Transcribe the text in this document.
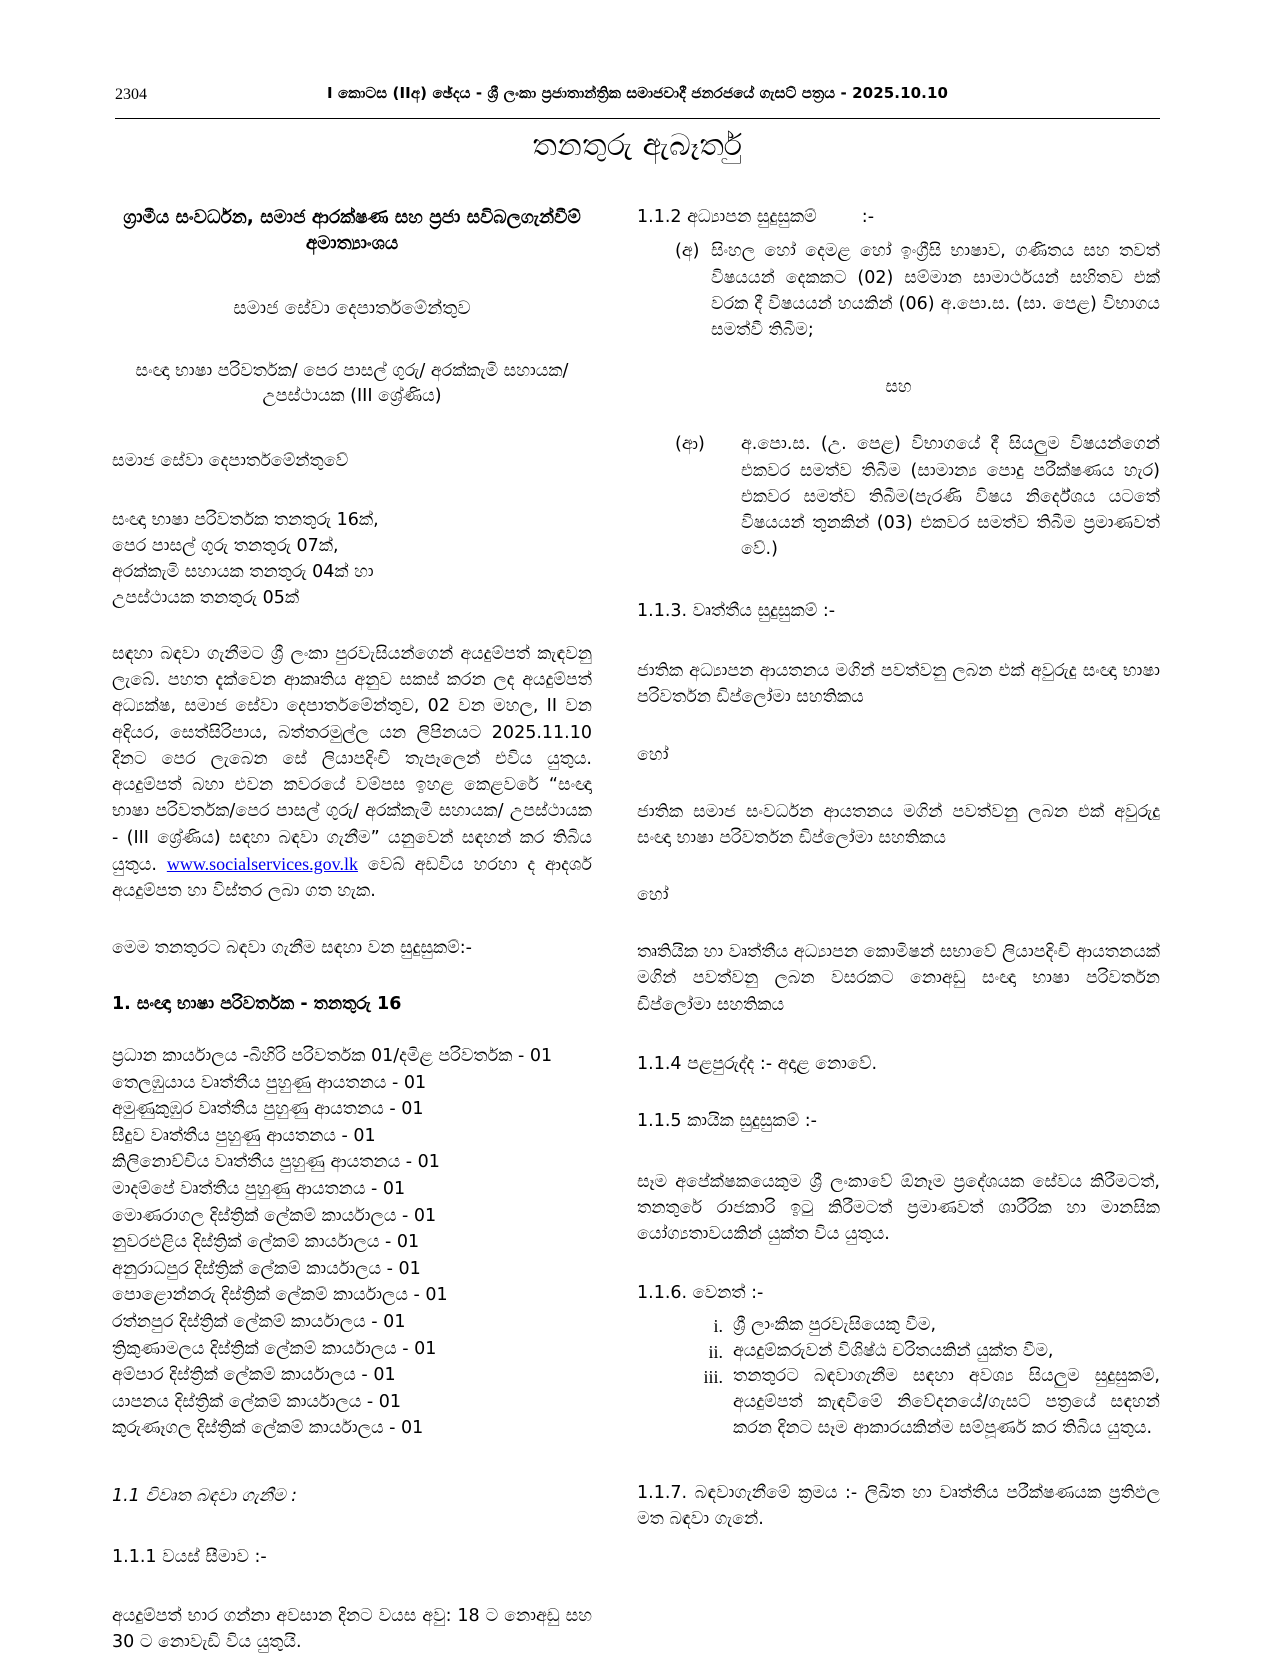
2304	I කොටස (IIඅ) ඡේදය - ශ්‍රී ලංකා ප්‍රජාතාන්ත්‍රික සමාජවාදී ජනරජයේ ගැසට් පත්‍රය - 2025.10.10
තනතුරු ඇබෑර්තු
ග්‍රාමීය සංවර්ධන, සමාජ ආරක්ෂණ සහ ප්‍රජා සවිබලගැන්වීම් අමාත්‍යාංශය
සමාජ සේවා දෙපාර්තමේන්තුව
සංඥා භාෂා පරිවර්තක/ පෙර පාසල් ගුරු/ අරක්කැමි සහායක/ උපස්ථායක (III ශ්‍රේණිය)
සමාජ සේවා දෙපාර්තමේන්තුවේ
සංඥා භාෂා පරිවර්තක තනතුරු 16ක්,
පෙර පාසල් ගුරු තනතුරු 07ක්,
අරක්කැමි සහායක තනතුරු 04ක් හා
උපස්ථායක තනතුරු 05ක්

සඳහා බඳවා ගැනීමට ශ්‍රී ලංකා පුරවැසියන්ගෙන් අයදුම්පත් කැඳවනු ලැබේ. පහත දැක්වෙන ආකෘතිය අනුව සකස් කරන ලද අයදුම්පත් අධ්‍යක්ෂ, සමාජ සේවා දෙපාර්තමේන්තුව, 02 වන මහල, II වන අදියර, සෙත්සිරිපාය, බත්තරමුල්ල යන ලිපිනයට 2025.11.10 දිනට පෙර ලැබෙන සේ ලියාපදිංචි තැපෑලෙන් එවිය යුතුය. අයදුම්පත් බහා එවන කවරයේ වම්පස ඉහළ කෙළවරේ “සංඥා භාෂා පරිවර්තක/පෙර පාසල් ගුරු/ අරක්කැමි සහායක/ උපස්ථායක - (III ශ්‍රේණිය) සඳහා බඳවා ගැනීම” යනුවෙන් සඳහන් කර තිබිය යුතුය. www.socialservices.gov.lk වෙබ් අඩවිය හරහා ද ආදර්ශ අයදුම්පත හා විස්තර ලබා ගත හැක.

මෙම තනතුරට බඳවා ගැනීම සඳහා වන සුදුසුකම්:-
1. සංඥා භාෂා පරිවර්තක - තනතුරු 16
ප්‍රධාන කාර්යාලය -බිහිරි පරිවර්තක 01/දමිළ පරිවර්තක - 01
තෙලඹුයාය වෘත්තීය පුහුණු ආයතනය - 01
අමුණුකුඹුර වෘත්තීය පුහුණු ආයතනය - 01
සීදුව වෘත්තීය පුහුණු ආයතනය - 01
කිලිනොච්චිය වෘත්තීය පුහුණු ආයතනය - 01
මාදම්පේ වෘත්තීය පුහුණු ආයතනය - 01
මොණරාගල දිස්ත්‍රික් ලේකම් කාර්යාලය - 01
නුවරඑළිය දිස්ත්‍රික් ලේකම් කාර්යාලය - 01
අනුරාධපුර දිස්ත්‍රික් ලේකම් කාර්යාලය - 01
පොළොන්නරු දිස්ත්‍රික් ලේකම් කාර්යාලය - 01
රත්නපුර දිස්ත්‍රික් ලේකම් කාර්යාලය - 01
ත්‍රිකුණාමලය දිස්ත්‍රික් ලේකම් කාර්යාලය - 01
අම්පාර දිස්ත්‍රික් ලේකම් කාර්යාලය - 01
යාපනය දිස්ත්‍රික් ලේකම් කාර්යාලය - 01
කුරුණෑගල දිස්ත්‍රික් ලේකම් කාර්යාලය - 01
1.1 විවෘත බඳවා ගැනීම :
1.1.1 වයස් සීමාව :-

අයදුම්පත් භාර ගන්නා අවසාන දිනට වයස අවු: 18 ට නොඅඩු සහ 30 ට නොවැඩි විය යුතුයි.

1.1.2 අධ්‍යාපන සුදුසුකම්	:-
(අ) සිංහල හෝ දෙමළ හෝ ඉංග්‍රීසි භාෂාව, ගණිතය සහ තවත් විෂයයන් දෙකකට (02) සම්මාන සාමාර්ථයන් සහිතව එක් වරක දී විෂයයන් හයකින් (06) අ.පො.ස. (සා. පෙළ) විභාගය සමත්වී තිබීම;
සහ
(ආ)	අ.පො.ස. (උ. පෙළ) විභාගයේ දී සියලුම විෂයන්ගෙන් එකවර සමත්ව තිබීම (සාමාන්‍ය පොදු පරීක්ෂණය හැර) එකවර සමත්ව තිබීම(පැරණි විෂය නිර්දේශය යටතේ විෂයයන් තුනකින් (03) එකවර සමත්ව තිබීම ප්‍රමාණවත් වේ.)
1.1.3. වෘත්තීය සුදුසුකම් :-

ජාතික අධ්‍යාපන ආයතනය මගින් පවත්වනු ලබන එක් අවුරුදු සංඥා භාෂා පරිවර්තන ඩිප්ලෝමා සහතිකය

හෝ

ජාතික සමාජ සංවර්ධන ආයතනය මගින් පවත්වනු ලබන එක් අවුරුදු සංඥා භාෂා පරිවර්තන ඩිප්ලෝමා සහතිකය

හෝ

තෘතියික හා වෘත්තීය අධ්‍යාපන කොමිෂන් සභාවේ ලියාපදිංචි ආයතනයක් මගින් පවත්වනු ලබන වසරකට නොඅඩු සංඥා භාෂා පරිවර්තන ඩිප්ලෝමා සහතිකය

1.1.4 පළපුරුද්ද :- අදාළ නොවේ.
1.1.5 කායික සුදුසුකම් :-

සෑම අපේක්ෂකයෙකුම ශ්‍රී ලංකාවේ ඕනෑම ප්‍රදේශයක සේවය කිරීමටත්, තනතුරේ රාජකාරි ඉටු කිරීමටත් ප්‍රමාණවත් ශාරීරික හා මානසික යෝග්‍යතාවයකින් යුක්ත විය යුතුය.

1.1.6. වෙනත් :-
i. ශ්‍රී ලාංකික පුරවැසියෙකු වීම,
ii. අයදුම්කරුවන් විශිෂ්ඨ චරිතයකින් යුක්ත වීම,
iii. තනතුරට බඳවාගැනීම සඳහා අවශ්‍ය සියලුම සුදුසුකම්, අයදුම්පත් කැඳවීමේ නිවේදනයේ/ගැසට් පත්‍රයේ සඳහන් කරන දිනට සෑම ආකාරයකින්ම සම්පූර්ණ කර තිබිය යුතුය.

1.1.7. බඳවාගැනීමේ ක්‍රමය :- ලිඛිත හා වෘත්තීය පරීක්ෂණයක ප්‍රතිඵල මත බඳවා ගැනේ.
